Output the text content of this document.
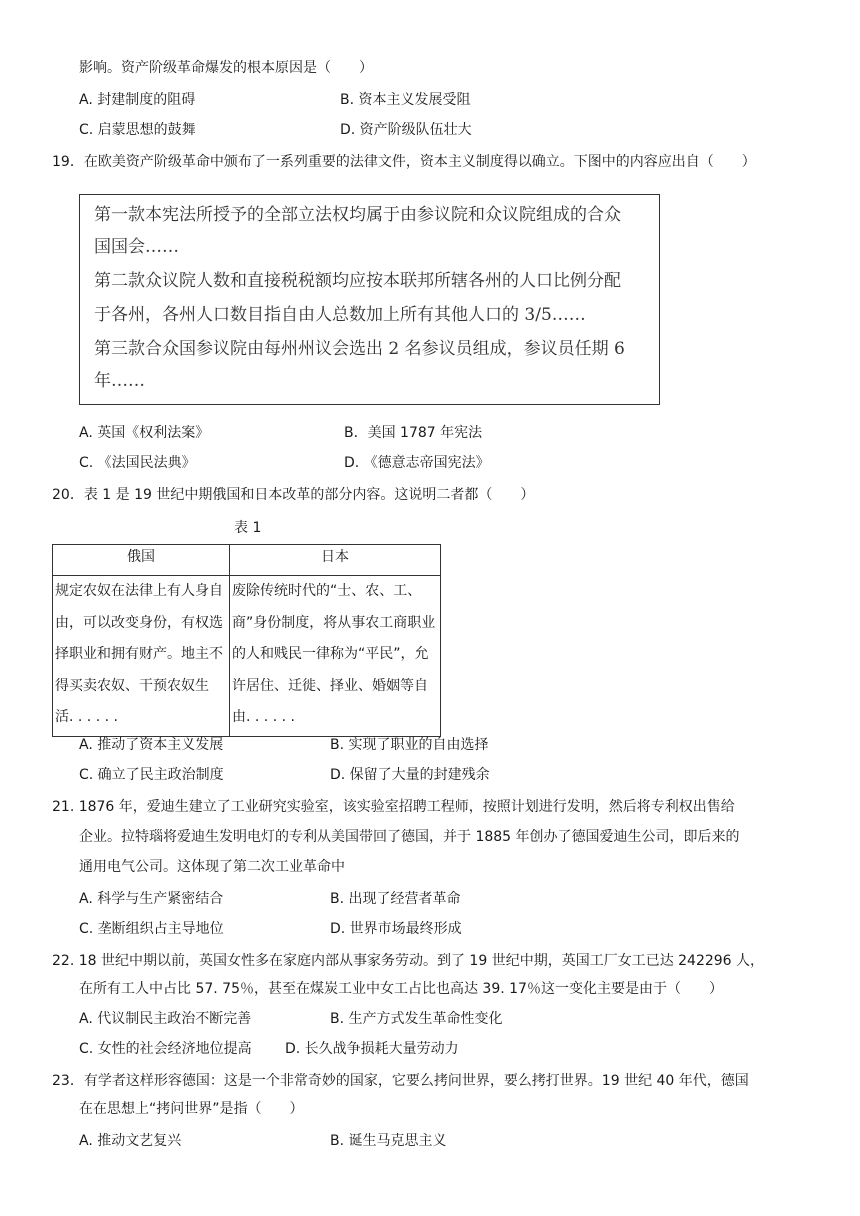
影响。资产阶级革命爆发的根本原因是（　　）
A. 封建制度的阻碍	B. 资本主义发展受阻
C. 启蒙思想的鼓舞	D. 资产阶级队伍壮大
19．在欧美资产阶级革命中颁布了一系列重要的法律文件，资本主义制度得以确立。下图中的内容应出自（　　）
第一款本宪法所授予的全部立法权均属于由参议院和众议院组成的合众
国国会……
第二款众议院人数和直接税税额均应按本联邦所辖各州的人口比例分配
于各州，各州人口数目指自由人总数加上所有其他人口的 3/5……
第三款合众国参议院由每州州议会选出 2 名参议员组成，参议员任期 6
年……
A. 英国《权利法案》	B．美国 1787 年宪法
C. 《法国民法典》	D. 《德意志帝国宪法》
20．表 1 是 19 世纪中期俄国和日本改革的部分内容。这说明二者都（　　）
表 1
俄国	日本
规定农奴在法律上有人身自由，可以改变身份，有权选择职业和拥有财产。地主不得买卖农奴、干预农奴生活. . . . . .	废除传统时代的“士、农、工、商”身份制度，将从事农工商职业的人和贱民一律称为“平民”，允许居住、迁徙、择业、婚姻等自由. . . . . .
A. 推动了资本主义发展	B. 实现了职业的自由选择
C. 确立了民主政治制度	D. 保留了大量的封建残余
21. 1876 年，爱迪生建立了工业研究实验室，该实验室招聘工程师，按照计划进行发明，然后将专利权出售给
企业。拉特瑙将爱迪生发明电灯的专利从美国带回了德国，并于 1885 年创办了德国爱迪生公司，即后来的
通用电气公司。这体现了第二次工业革命中
A. 科学与生产紧密结合	B. 出现了经营者革命
C. 垄断组织占主导地位	D. 世界市场最终形成
22. 18 世纪中期以前，英国女性多在家庭内部从事家务劳动。到了 19 世纪中期，英国工厂女工已达 242296 人，
在所有工人中占比 57. 75％，甚至在煤炭工业中女工占比也高达 39. 17％这一变化主要是由于（　　）
A. 代议制民主政治不断完善	B. 生产方式发生革命性变化
C. 女性的社会经济地位提高 D. 长久战争损耗大量劳动力
23．有学者这样形容德国：这是一个非常奇妙的国家，它要么拷问世界，要么拷打世界。19 世纪 40 年代，德国
在在思想上“拷问世界”是指（　　）
A. 推动文艺复兴	B. 诞生马克思主义
